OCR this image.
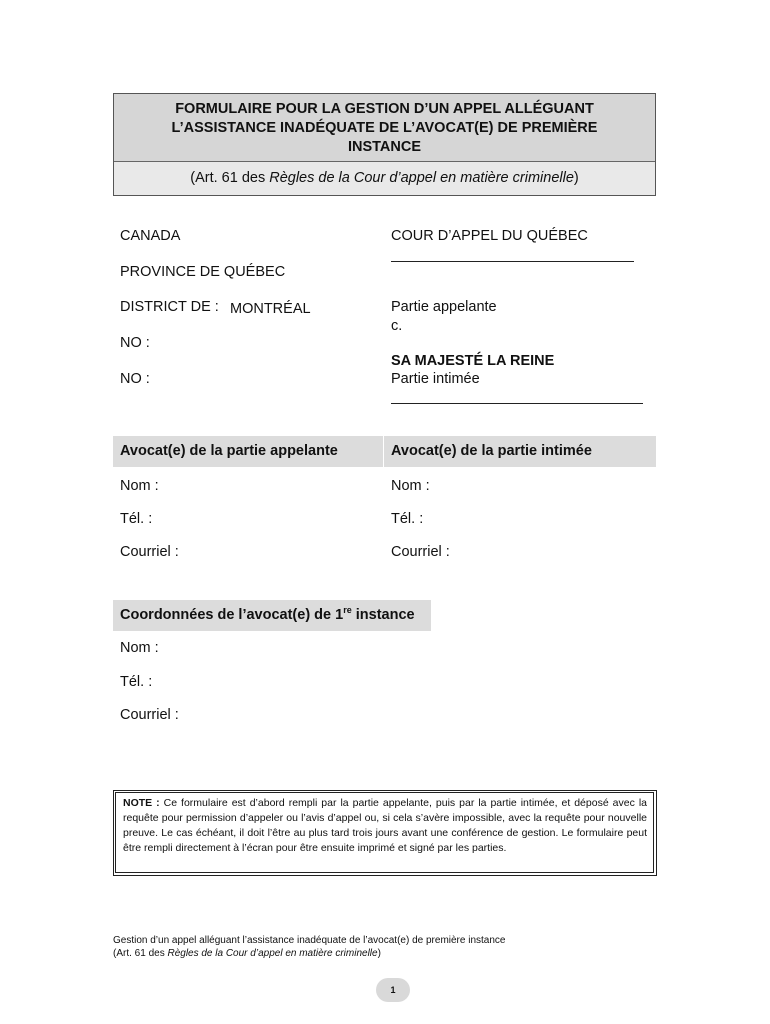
FORMULAIRE POUR LA GESTION D’UN APPEL ALLÉGUANT
L’ASSISTANCE INADÉQUATE DE L’AVOCAT(E) DE PREMIÈRE
INSTANCE
(Art. 61 des Règles de la Cour d’appel en matière criminelle)
CANADA
PROVINCE DE QUÉBEC
DISTRICT DE : MONTRÉAL
NO :
NO :
COUR D’APPEL DU QUÉBEC
Partie appelante
c.
SA MAJESTÉ LA REINE
Partie intimée
Avocat(e) de la partie appelante	Avocat(e) de la partie intimée
Nom :
Tél. :
Courriel :
Nom :
Tél. :
Courriel :
Coordonnées de l’avocat(e) de 1re instance
Nom :
Tél. :
Courriel :
NOTE : Ce formulaire est d’abord rempli par la partie appelante, puis par la partie intimée, et déposé avec la requête pour permission d’appeler ou l’avis d’appel ou, si cela s’avère impossible, avec la requête pour nouvelle preuve. Le cas échéant, il doit l’être au plus tard trois jours avant une conférence de gestion. Le formulaire peut être rempli directement à l’écran pour être ensuite imprimé et signé par les parties.
Gestion d’un appel alléguant l’assistance inadéquate de l’avocat(e) de première instance
(Art. 61 des Règles de la Cour d’appel en matière criminelle)
1
